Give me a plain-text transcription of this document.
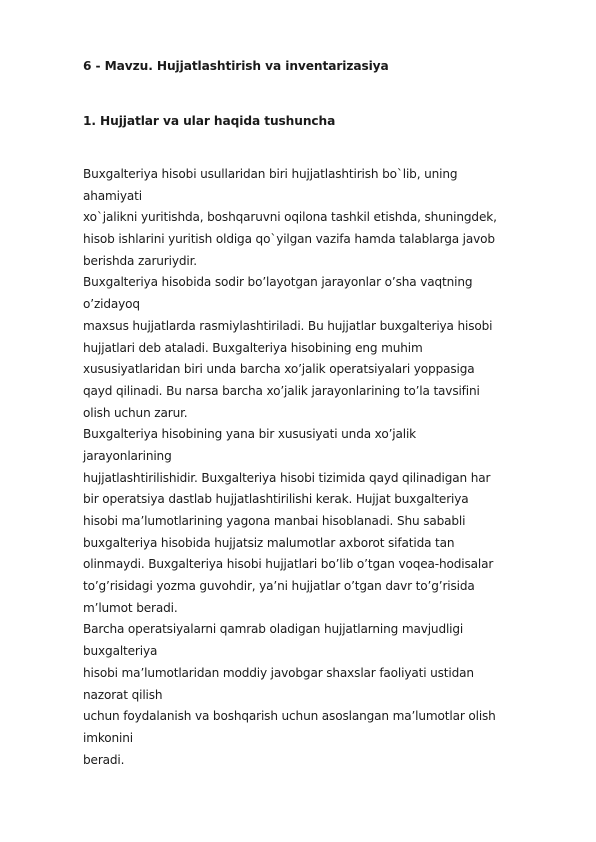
6 - Mavzu. Hujjatlashtirish va inventarizasiya
1. Hujjatlar va ular haqida tushuncha
Buxgalteriya hisobi usullaridan biri hujjatlashtirish bo`lib, uning
ahamiyati
xo`jalikni yuritishda, boshqaruvni oqilona tashkil etishda, shuningdek,
hisob ishlarini yuritish oldiga qo`yilgan vazifa hamda talablarga javob
berishda zaruriydir.
Buxgalteriya hisobida sodir bo’layotgan jarayonlar o’sha vaqtning
o’zidayoq
maxsus hujjatlarda rasmiylashtiriladi. Bu hujjatlar buxgalteriya hisobi
hujjatlari deb ataladi. Buxgalteriya hisobining eng muhim
xususiyatlaridan biri unda barcha xo’jalik operatsiyalari yoppasiga
qayd qilinadi. Bu narsa barcha xo’jalik jarayonlarining to’la tavsifini
olish uchun zarur.
Buxgalteriya hisobining yana bir xususiyati unda xo’jalik
jarayonlarining
hujjatlashtirilishidir. Buxgalteriya hisobi tizimida qayd qilinadigan har
bir operatsiya dastlab hujjatlashtirilishi kerak. Hujjat buxgalteriya
hisobi ma’lumotlarining yagona manbai hisoblanadi. Shu sababli
buxgalteriya hisobida hujjatsiz malumotlar axborot sifatida tan
olinmaydi. Buxgalteriya hisobi hujjatlari bo’lib o’tgan voqea-hodisalar
to’g’risidagi yozma guvohdir, ya’ni hujjatlar o’tgan davr to’g’risida
m’lumot beradi.
Barcha operatsiyalarni qamrab oladigan hujjatlarning mavjudligi
buxgalteriya
hisobi ma’lumotlaridan moddiy javobgar shaxslar faoliyati ustidan
nazorat qilish
uchun foydalanish va boshqarish uchun asoslangan ma’lumotlar olish
imkonini
beradi.
